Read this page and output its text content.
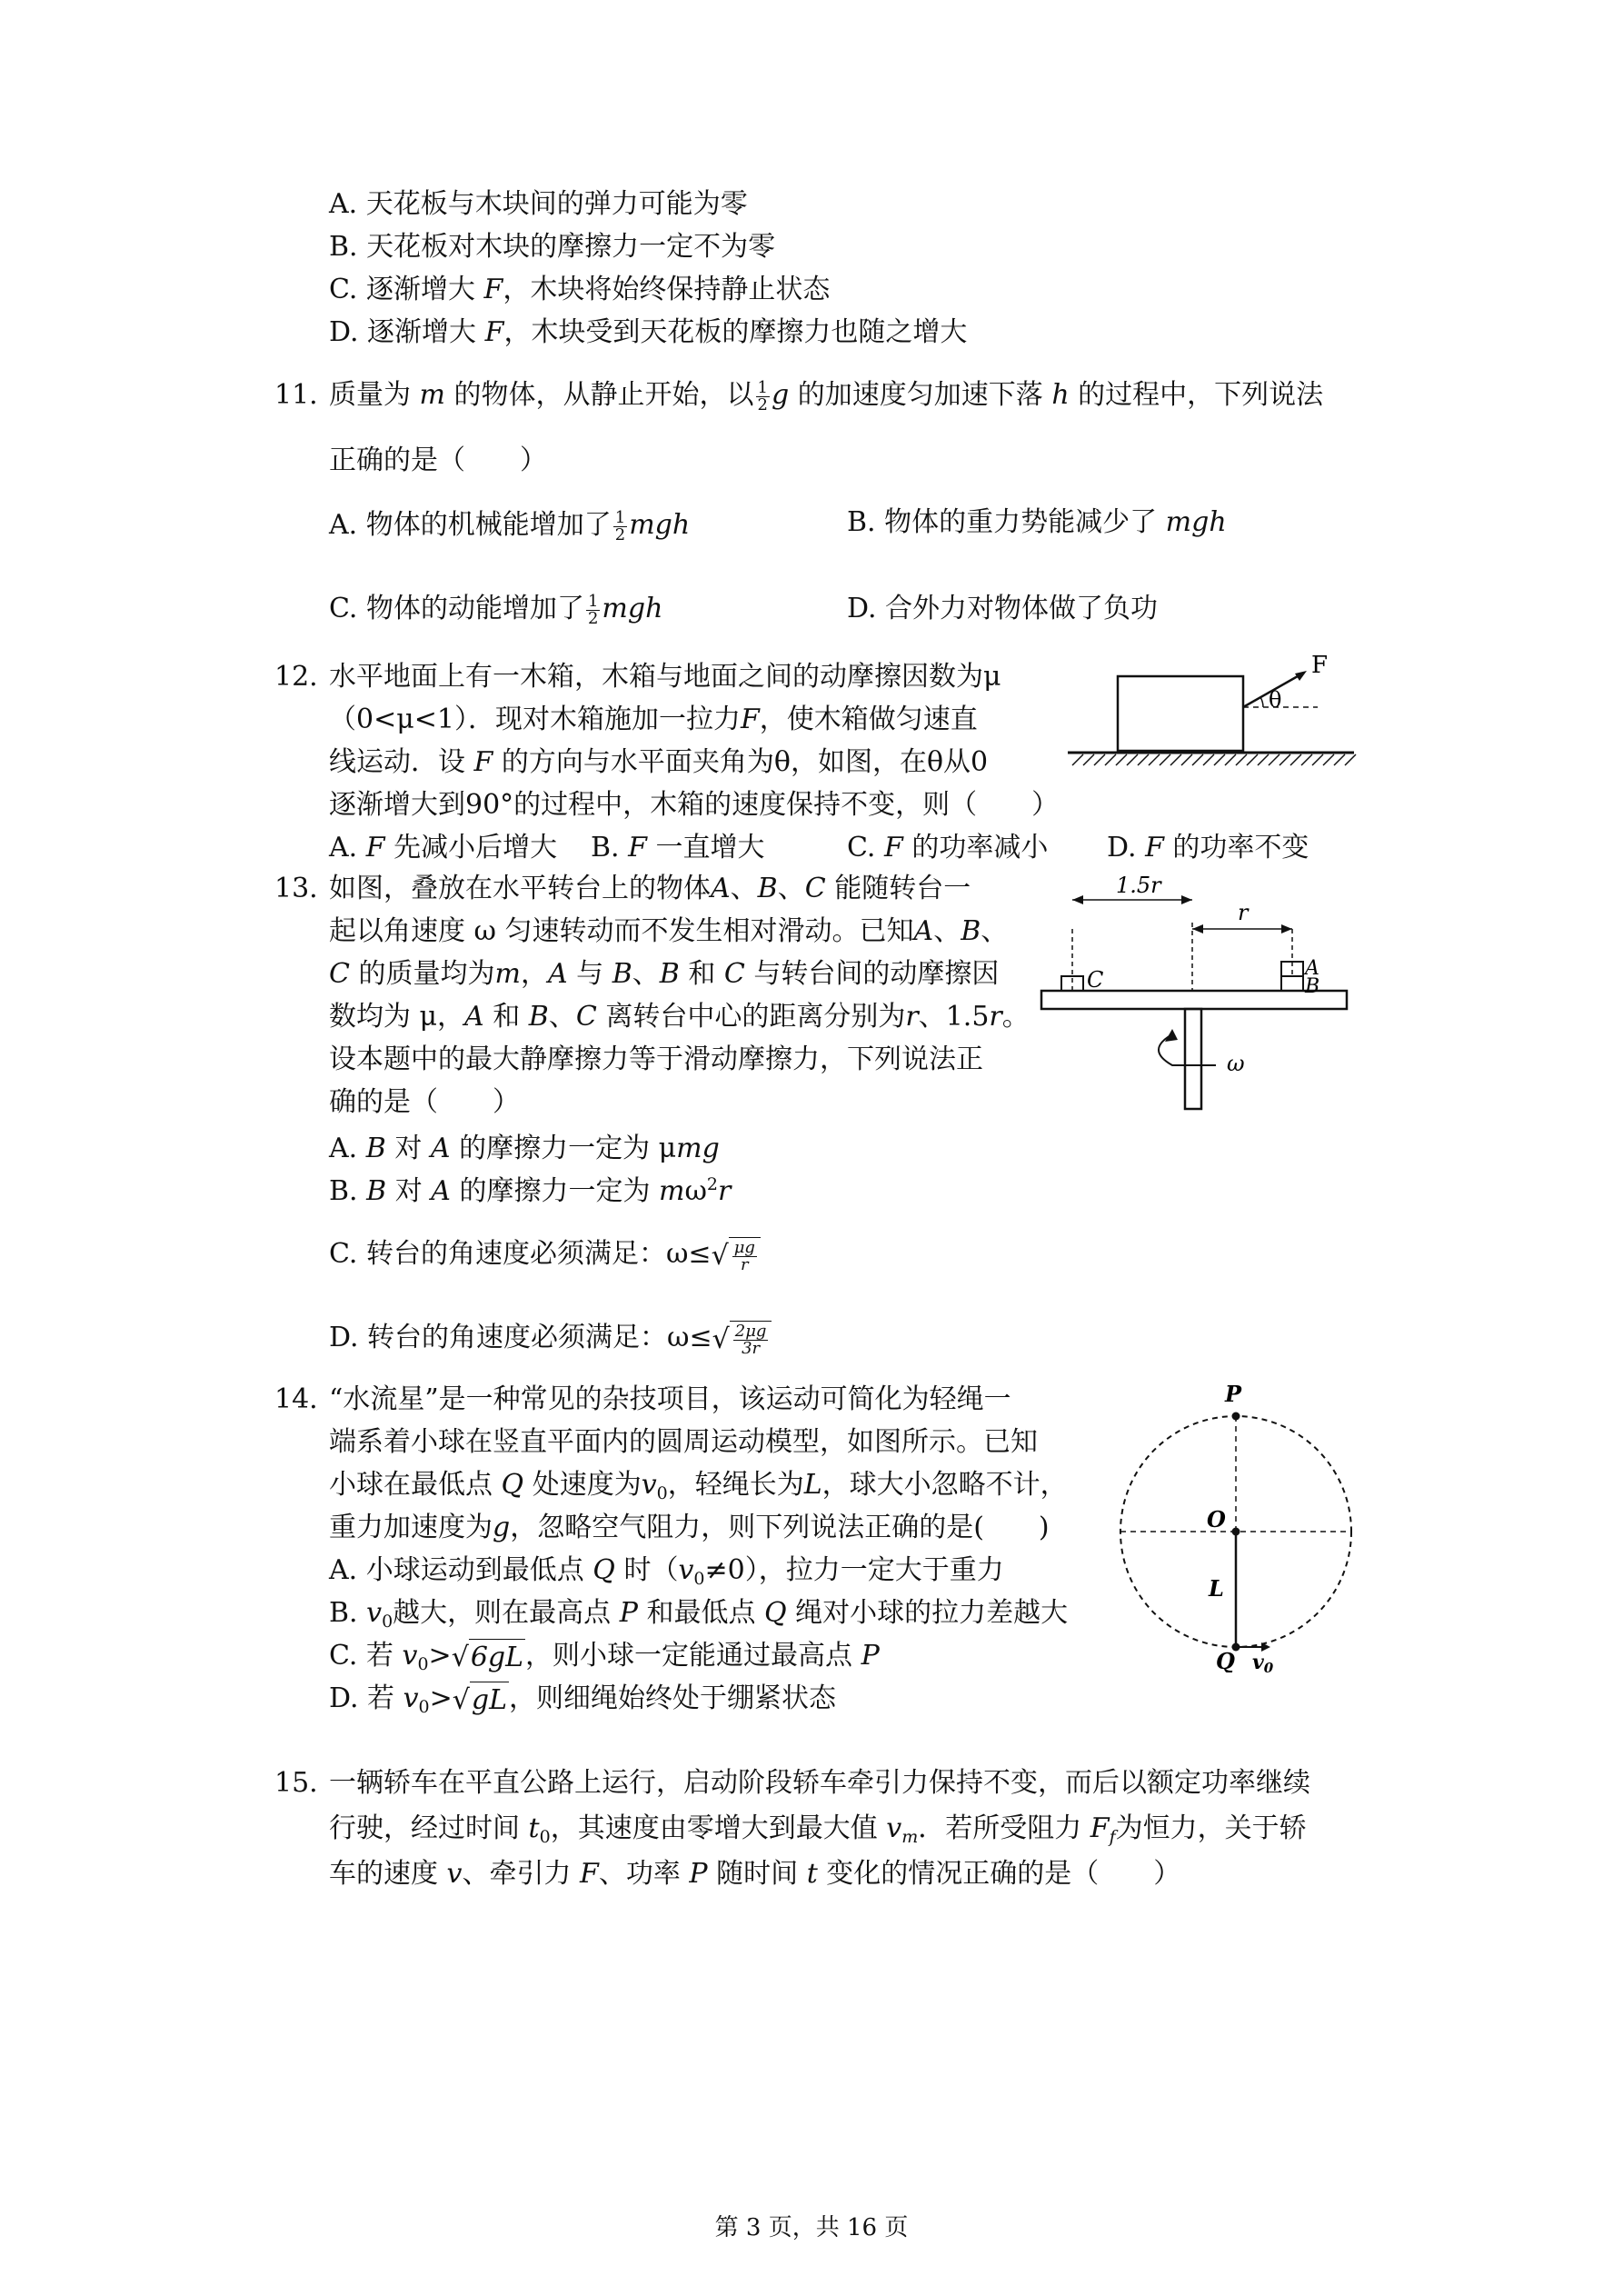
A. 天花板与木块间的弹力可能为零
B. 天花板对木块的摩擦力一定不为零
C. 逐渐增大 F，木块将始终保持静止状态
D. 逐渐增大 F，木块受到天花板的摩擦力也随之增大
11. 质量为 m 的物体，从静止开始，以 $\frac{1}{2}$ g 的加速度匀加速下落 h 的过程中，下列说法
正确的是（　　）
A. 物体的机械能增加了 $\frac{1}{2}$ mgh	B. 物体的重力势能减少了 mgh
C. 物体的动能增加了 $\frac{1}{2}$ mgh	D. 合外力对物体做了负功
12. 水平地面上有一木箱，木箱与地面之间的动摩擦因数为μ
（0<μ<1）．现对木箱施加一拉力F，使木箱做匀速直
线运动．设 F 的方向与水平面夹角为θ，如图，在θ从0
逐渐增大到90°的过程中，木箱的速度保持不变，则（　　）
A. F 先减小后增大 B. F 一直增大	C. F 的功率减小 D. F 的功率不变
F
θ
13. 如图，叠放在水平转台上的物体A、B、C 能随转台一
起以角速度 ω 匀速转动而不发生相对滑动。已知A、B、
C 的质量均为m，A 与 B、B 和 C 与转台间的动摩擦因
数均为 μ，A 和 B、C 离转台中心的距离分别为r、1.5r。
设本题中的最大静摩擦力等于滑动摩擦力，下列说法正
确的是（　　）
A. B 对 A 的摩擦力一定为 μmg
B. B 对 A 的摩擦力一定为 $m\omega^2r$
C. 转台的角速度必须满足：$\omega\le√ \frac{\mu g}{r}$
D. 转台的角速度必须满足：$\omega\le√ \frac{2\mu g}{3r}$
1.5r
r
C	A
B
ω
14. “水流星”是一种常见的杂技项目，该运动可简化为轻绳一
端系着小球在竖直平面内的圆周运动模型，如图所示。已知
小球在最低点 Q 处速度为$v_0$，轻绳长为L，球大小忽略不计，
重力加速度为g，忽略空气阻力，则下列说法正确的是(　　)
A. 小球运动到最低点 Q 时$(v_0\ne 0)$，拉力一定大于重力
B. $v_0$越大，则在最高点 P 和最低点 Q 绳对小球的拉力差越大
C. 若 $v_0>√6gL$，则小球一定能通过最高点 P
D. 若 $v_0>√gL$，则细绳始终处于绷紧状态
P
O
L
Q v0
15. 一辆轿车在平直公路上运行，启动阶段轿车牵引力保持不变，而后以额定功率继续
行驶，经过时间 $t_0$，其速度由零增大到最大值 $v_m$．若所受阻力 $F_f$为恒力，关于轿
车的速度 v、牵引力 F、功率 P 随时间 t 变化的情况正确的是（　　）
第 3 页，共 16 页
